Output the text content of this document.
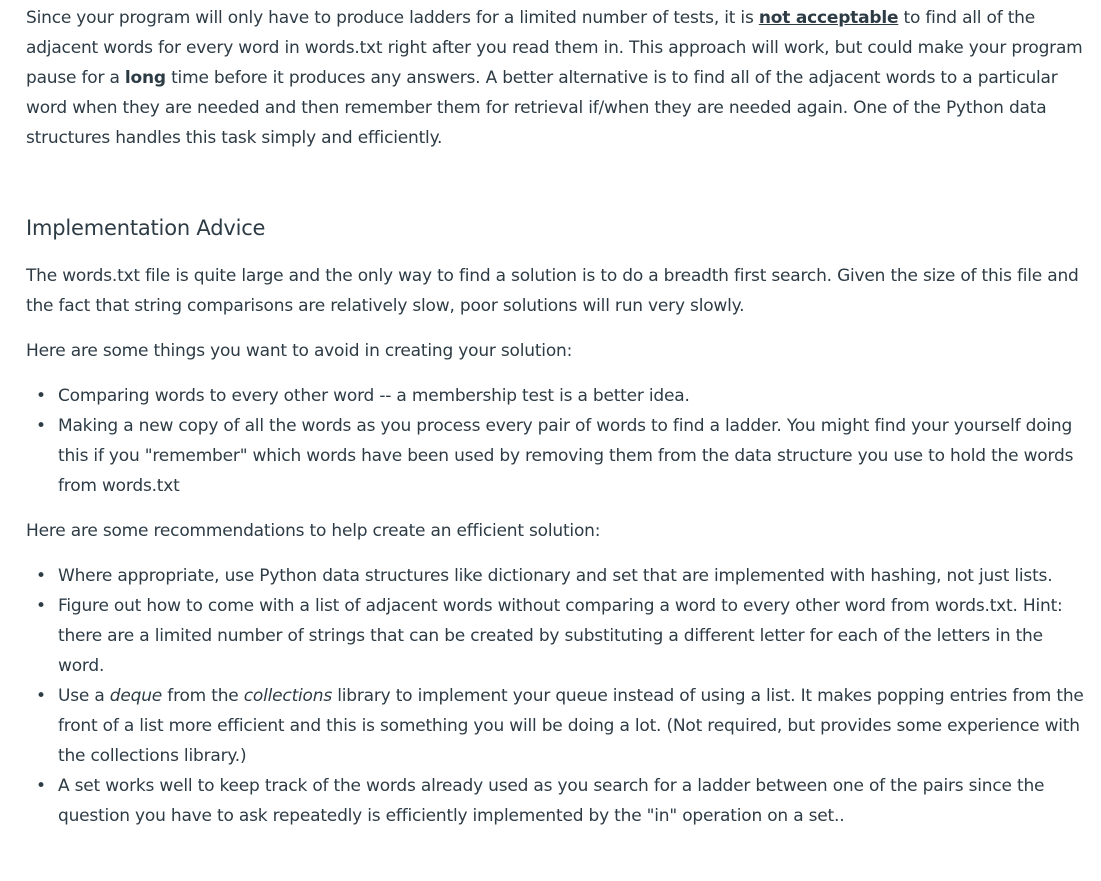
Since your program will only have to produce ladders for a limited number of tests, it is not acceptable to find all of the adjacent words for every word in words.txt right after you read them in. This approach will work, but could make your program pause for a long time before it produces any answers. A better alternative is to find all of the adjacent words to a particular word when they are needed and then remember them for retrieval if/when they are needed again. One of the Python data structures handles this task simply and efficiently.

Implementation Advice

The words.txt file is quite large and the only way to find a solution is to do a breadth first search. Given the size of this file and the fact that string comparisons are relatively slow, poor solutions will run very slowly.

Here are some things you want to avoid in creating your solution:

• Comparing words to every other word -- a membership test is a better idea.
• Making a new copy of all the words as you process every pair of words to find a ladder. You might find your yourself doing this if you "remember" which words have been used by removing them from the data structure you use to hold the words from words.txt

Here are some recommendations to help create an efficient solution:

• Where appropriate, use Python data structures like dictionary and set that are implemented with hashing, not just lists.
• Figure out how to come with a list of adjacent words without comparing a word to every other word from words.txt. Hint: there are a limited number of strings that can be created by substituting a different letter for each of the letters in the word.
• Use a deque from the collections library to implement your queue instead of using a list. It makes popping entries from the front of a list more efficient and this is something you will be doing a lot. (Not required, but provides some experience with the collections library.)
• A set works well to keep track of the words already used as you search for a ladder between one of the pairs since the question you have to ask repeatedly is efficiently implemented by the "in" operation on a set..
